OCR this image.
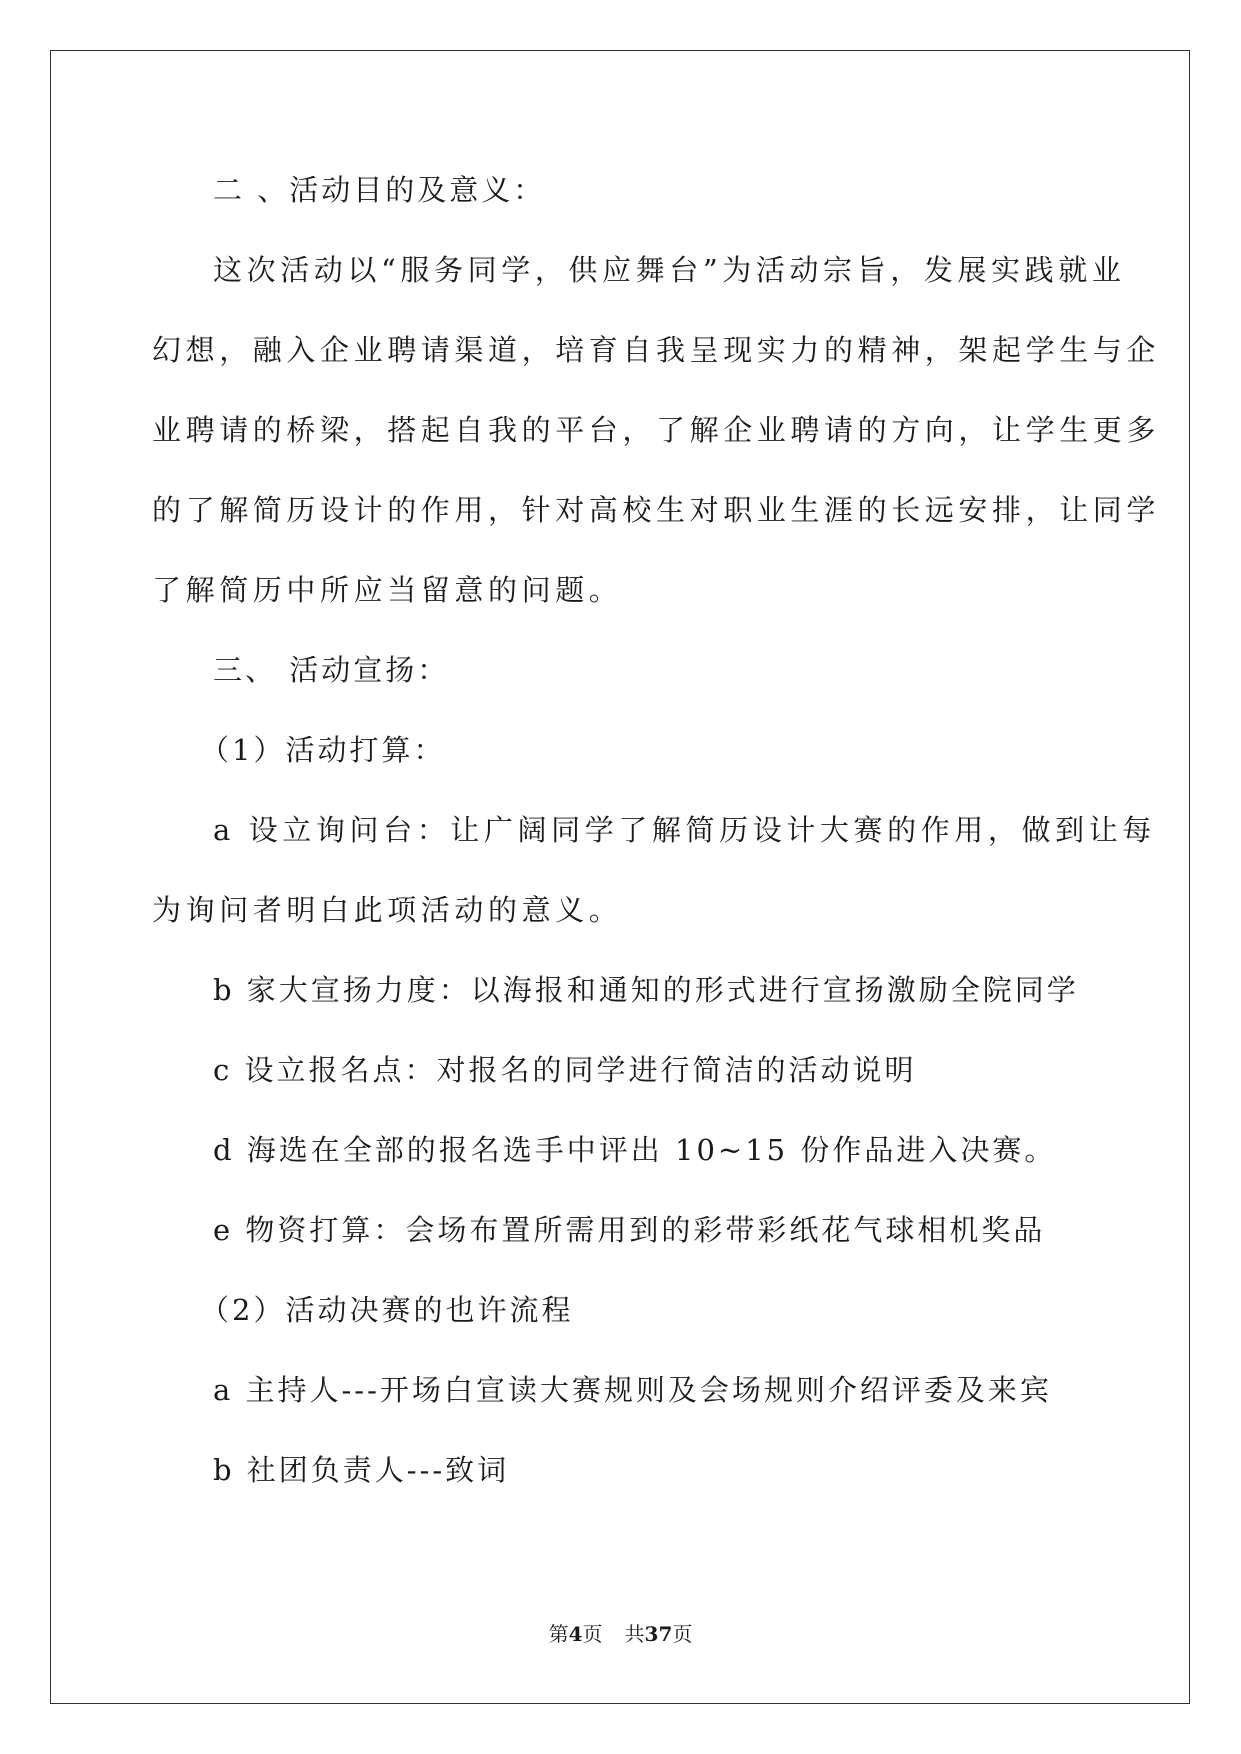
二 、活动目的及意义：
这次活动以“服务同学，供应舞台”为活动宗旨，发展实践就业
幻想，融入企业聘请渠道，培育自我呈现实力的精神，架起学生与企
业聘请的桥梁，搭起自我的平台，了解企业聘请的方向，让学生更多
的了解简历设计的作用，针对高校生对职业生涯的长远安排，让同学
了解简历中所应当留意的问题。
三、 活动宣扬：
（1）活动打算：
a 设立询问台：让广阔同学了解简历设计大赛的作用，做到让每
为询问者明白此项活动的意义。
b 家大宣扬力度：以海报和通知的形式进行宣扬激励全院同学
c 设立报名点：对报名的同学进行简洁的活动说明
d 海选在全部的报名选手中评出 10~15 份作品进入决赛。
e 物资打算：会场布置所需用到的彩带彩纸花气球相机奖品
（2）活动决赛的也许流程
a 主持人---开场白宣读大赛规则及会场规则介绍评委及来宾
b 社团负责人---致词
第4页 共37页
